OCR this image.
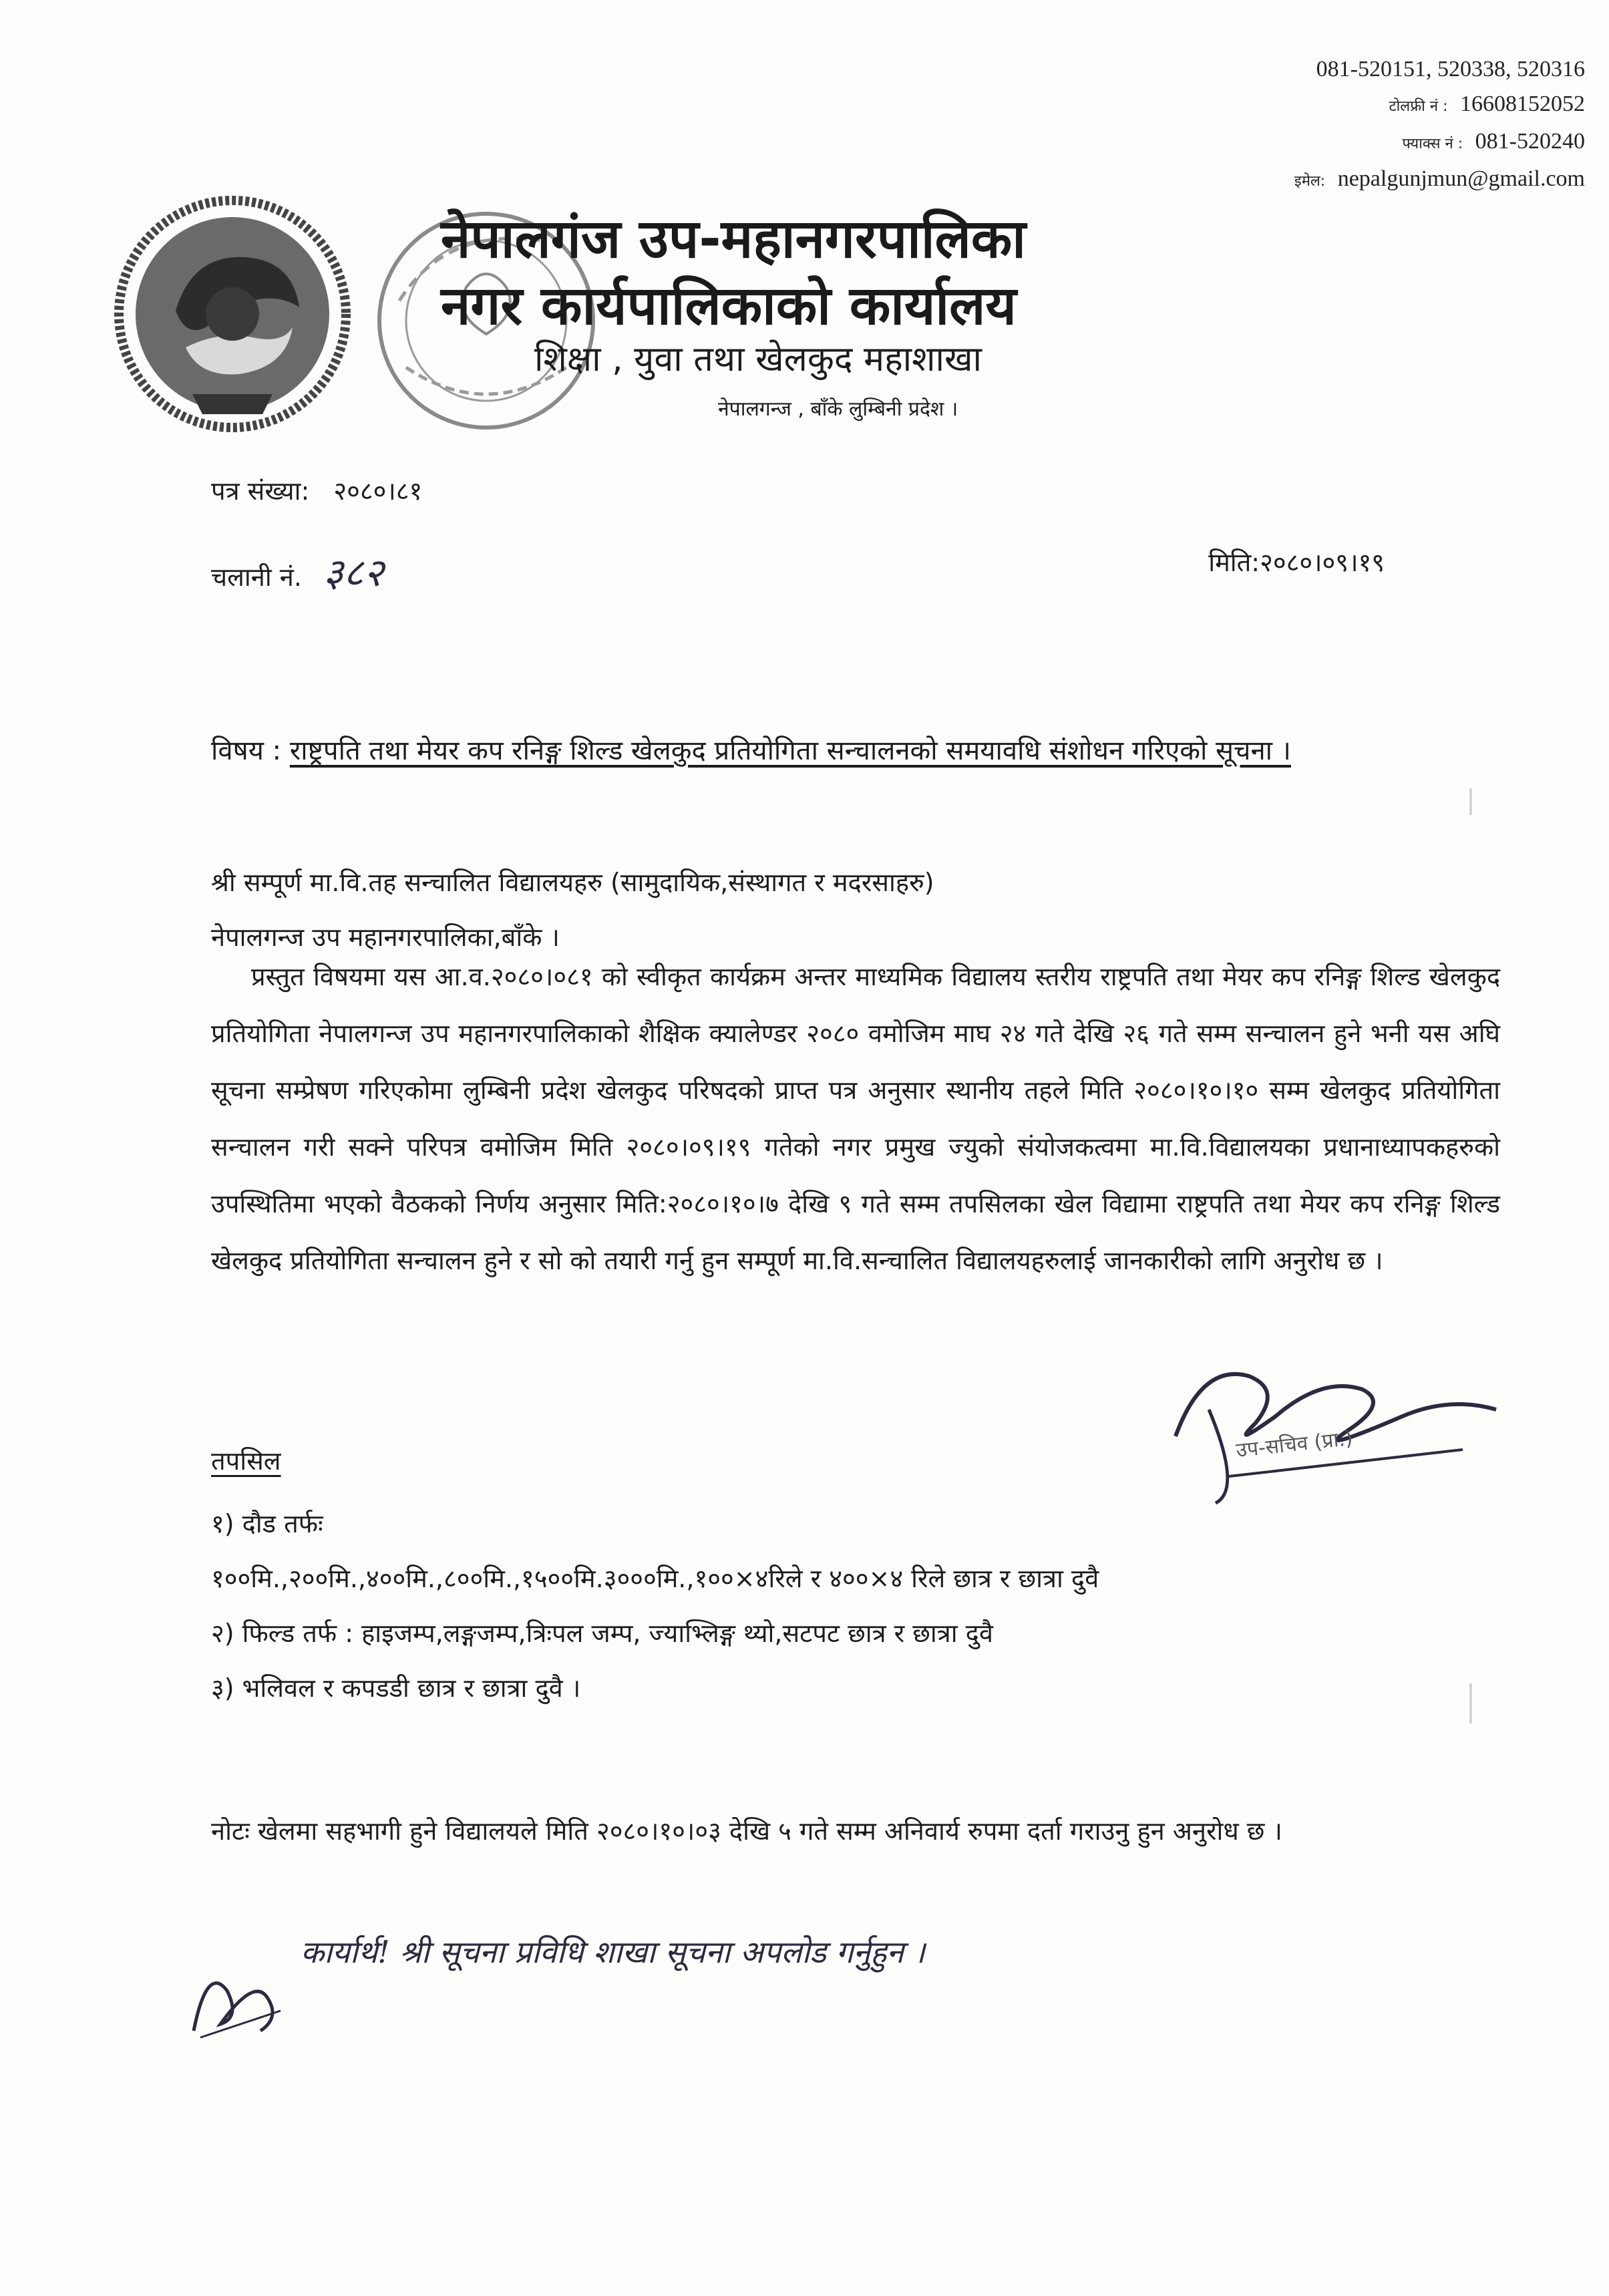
081-520151, 520338, 520316
टोलफ्री नं : 16608152052
फ्याक्स नं : 081-520240
इमेल: nepalgunjmun@gmail.com
नेपालगंज उप-महानगरपालिका
नगर कार्यपालिकाको कार्यालय
शिक्षा , युवा तथा खेलकुद महाशाखा
नेपालगन्ज , बाँके लुम्बिनी प्रदेश ।
पत्र संख्या: २०८०।८१
चलानी नं. ३८२	मिति:२०८०।०९।१९
विषय : राष्ट्रपति तथा मेयर कप रनिङ्ग शिल्ड खेलकुद प्रतियोगिता सन्चालनको समयावधि संशोधन गरिएको सूचना ।
श्री सम्पूर्ण मा.वि.तह सन्चालित विद्यालयहरु (सामुदायिक,संस्थागत र मदरसाहरु)
नेपालगन्ज उप महानगरपालिका,बाँके ।

प्रस्तुत विषयमा यस आ.व.२०८०।०८१ को स्वीकृत कार्यक्रम अन्तर माध्यमिक विद्यालय स्तरीय राष्ट्रपति तथा मेयर कप रनिङ्ग शिल्ड खेलकुद प्रतियोगिता नेपालगन्ज उप महानगरपालिकाको शैक्षिक क्यालेण्डर २०८० वमोजिम माघ २४ गते देखि २६ गते सम्म सन्चालन हुने भनी यस अघि सूचना सम्प्रेषण गरिएकोमा लुम्बिनी प्रदेश खेलकुद परिषदको प्राप्त पत्र अनुसार स्थानीय तहले मिति २०८०।१०।१० सम्म खेलकुद प्रतियोगिता सन्चालन गरी सक्ने परिपत्र वमोजिम मिति २०८०।०९।१९ गतेको नगर प्रमुख ज्युको संयोजकत्वमा मा.वि.विद्यालयका प्रधानाध्यापकहरुको उपस्थितिमा भएको वैठकको निर्णय अनुसार मिति:२०८०।१०।७ देखि ९ गते सम्म तपसिलका खेल विद्यामा राष्ट्रपति तथा मेयर कप रनिङ्ग शिल्ड खेलकुद प्रतियोगिता सन्चालन हुने र सो को तयारी गर्नु हुन सम्पूर्ण मा.वि.सन्चालित विद्यालयहरुलाई जानकारीको लागि अनुरोध छ ।

उप-सचिव (प्रा.)
तपसिल
१) दौड तर्फः
१००मि.,२००मि.,४००मि.,८००मि.,१५००मि.३०००मि.,१००×४रिले र ४००×४ रिले छात्र र छात्रा दुवै
२) फिल्ड तर्फ : हाइजम्प,लङ्गजम्प,त्रिःपल जम्प, ज्याभ्लिङ्ग थ्यो,सटपट छात्र र छात्रा दुवै
३) भलिवल र कपडडी छात्र र छात्रा दुवै ।
नोटः खेलमा सहभागी हुने विद्यालयले मिति २०८०।१०।०३ देखि ५ गते सम्म अनिवार्य रुपमा दर्ता गराउनु हुन अनुरोध छ ।
कार्यार्थ! श्री सूचना प्रविधि शाखा सूचना अपलोड गर्नुहुन ।
